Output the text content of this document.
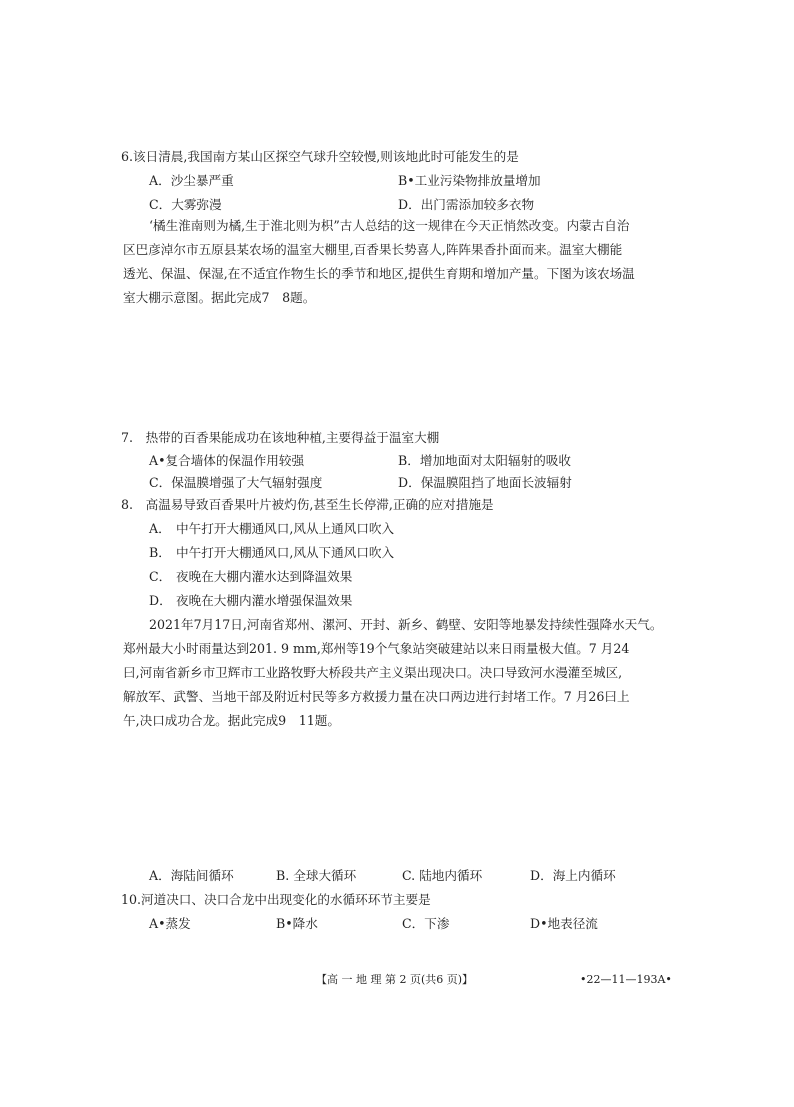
6.该日清晨,我国南方某山区探空气球升空较慢,则该地此时可能发生的是
A．沙尘暴严重	B•工业污染物排放量增加
C．大雾弥漫	D．出门需添加较多衣物
‘橘生淮南则为橘,生于淮北则为枳”古人总结的这一规律在今天正悄然改变。内蒙古自治
区巴彦淖尔市五原县某农场的温室大棚里,百香果长势喜人,阵阵果香扑面而来。温室大棚能
透光、保温、保湿,在不适宜作物生长的季节和地区,提供生育期和增加产量。下图为该农场温
室大棚示意图。据此完成7　8题。
7.　热带的百香果能成功在该地种植,主要得益于温室大棚
A•复合墙体的保温作用较强	B．增加地面对太阳辐射的吸收
C．保温膜增强了大气辐射强度	D．保温膜阻挡了地面长波辐射
8.　高温易导致百香果叶片被灼伤,甚至生长停滞,正确的应对措施是
A． 中午打开大棚通风口,风从上通风口吹入
B． 中午打开大棚通风口,风从下通风口吹入
C． 夜晚在大棚内灌水达到降温效果
D． 夜晚在大棚内灌水增强保温效果
2021年7月17日,河南省郑州、漯河、开封、新乡、鹤壁、安阳等地暴发持续性强降水天气。
郑州最大小时雨量达到201. 9 mm,郑州等19个气象站突破建站以来日雨量极大值。7 月24
曰,河南省新乡市卫辉市工业路牧野大桥段共产主义渠出现决口。决口导致河水漫灌至城区,
解放军、武警、当地干部及附近村民等多方救援力量在决口两边进行封堵工作。7 月26曰上
午,决口成功合龙。据此完成9　11题。
A．海陆间循环	B. 全球大循环	C. 陆地内循环	D．海上内循环
10.河道决口、决口合龙中出现变化的水循环环节主要是
A•蒸发	B•降水	C．下渗	D•地表径流
【高 一 地 理 第 2 页(共6 页)】	•22—11—193A•
